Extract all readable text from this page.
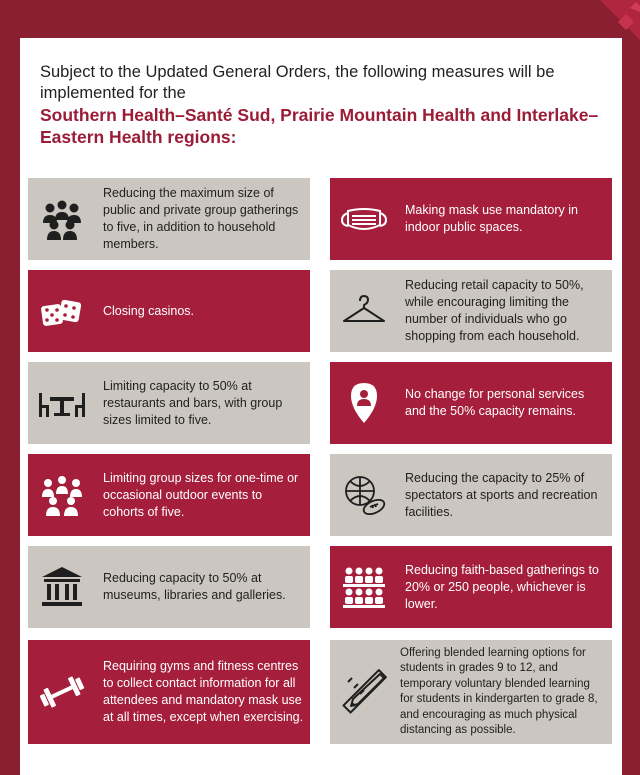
Subject to the Updated General Orders, the following measures will be implemented for the
Southern Health–Santé Sud, Prairie Mountain Health and Interlake–Eastern Health regions:
Reducing the maximum size of public and private group gatherings to five, in addition to household members.
Making mask use mandatory in indoor public spaces.
Closing casinos.
Reducing retail capacity to 50%, while encouraging limiting the number of individuals who go shopping from each household.
Limiting capacity to 50% at restaurants and bars, with group sizes limited to five.
No change for personal services and the 50% capacity remains.
Limiting group sizes for one-time or occasional outdoor events to cohorts of five.
Reducing the capacity to 25% of spectators at sports and recreation facilities.
Reducing capacity to 50% at museums, libraries and galleries.
Reducing faith-based gatherings to 20% or 250 people, whichever is lower.
Requiring gyms and fitness centres to collect contact information for all attendees and mandatory mask use at all times, except when exercising.
Offering blended learning options for students in grades 9 to 12, and temporary voluntary blended learning for students in kindergarten to grade 8, and encouraging as much physical distancing as possible.
